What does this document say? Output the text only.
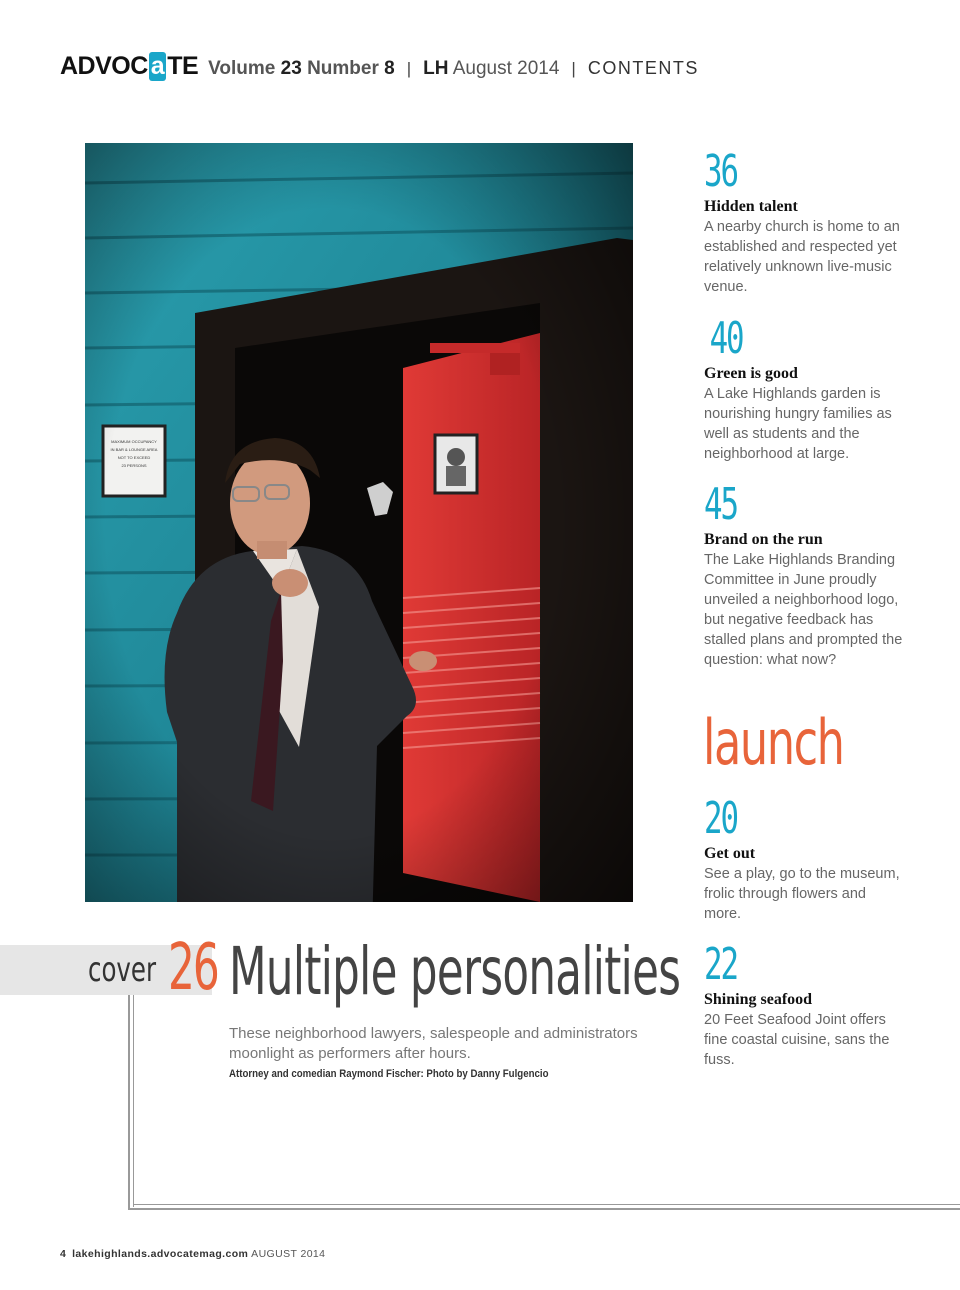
ADVOC a TE Volume 23 Number 8 | LH August 2014 | CONTENTS
36
Hidden talent
A nearby church is home to an established and respected yet relatively unknown live-music venue.
40
Green is good
A Lake Highlands garden is nourishing hungry families as well as students and the neighborhood at large.
45
Brand on the run
The Lake Highlands Branding Committee in June proudly unveiled a neighborhood logo, but negative feedback has stalled plans and prompted the question: what now?
launch
20
Get out
See a play, go to the museum, frolic through flowers and more.
22
Shining seafood
20 Feet Seafood Joint offers fine coastal cuisine, sans the fuss.
cover 26 Multiple personalities
These neighborhood lawyers, salespeople and administrators moonlight as performers after hours.
Attorney and comedian Raymond Fischer: Photo by Danny Fulgencio
4 lakehighlands.advocatemag.com AUGUST 2014
